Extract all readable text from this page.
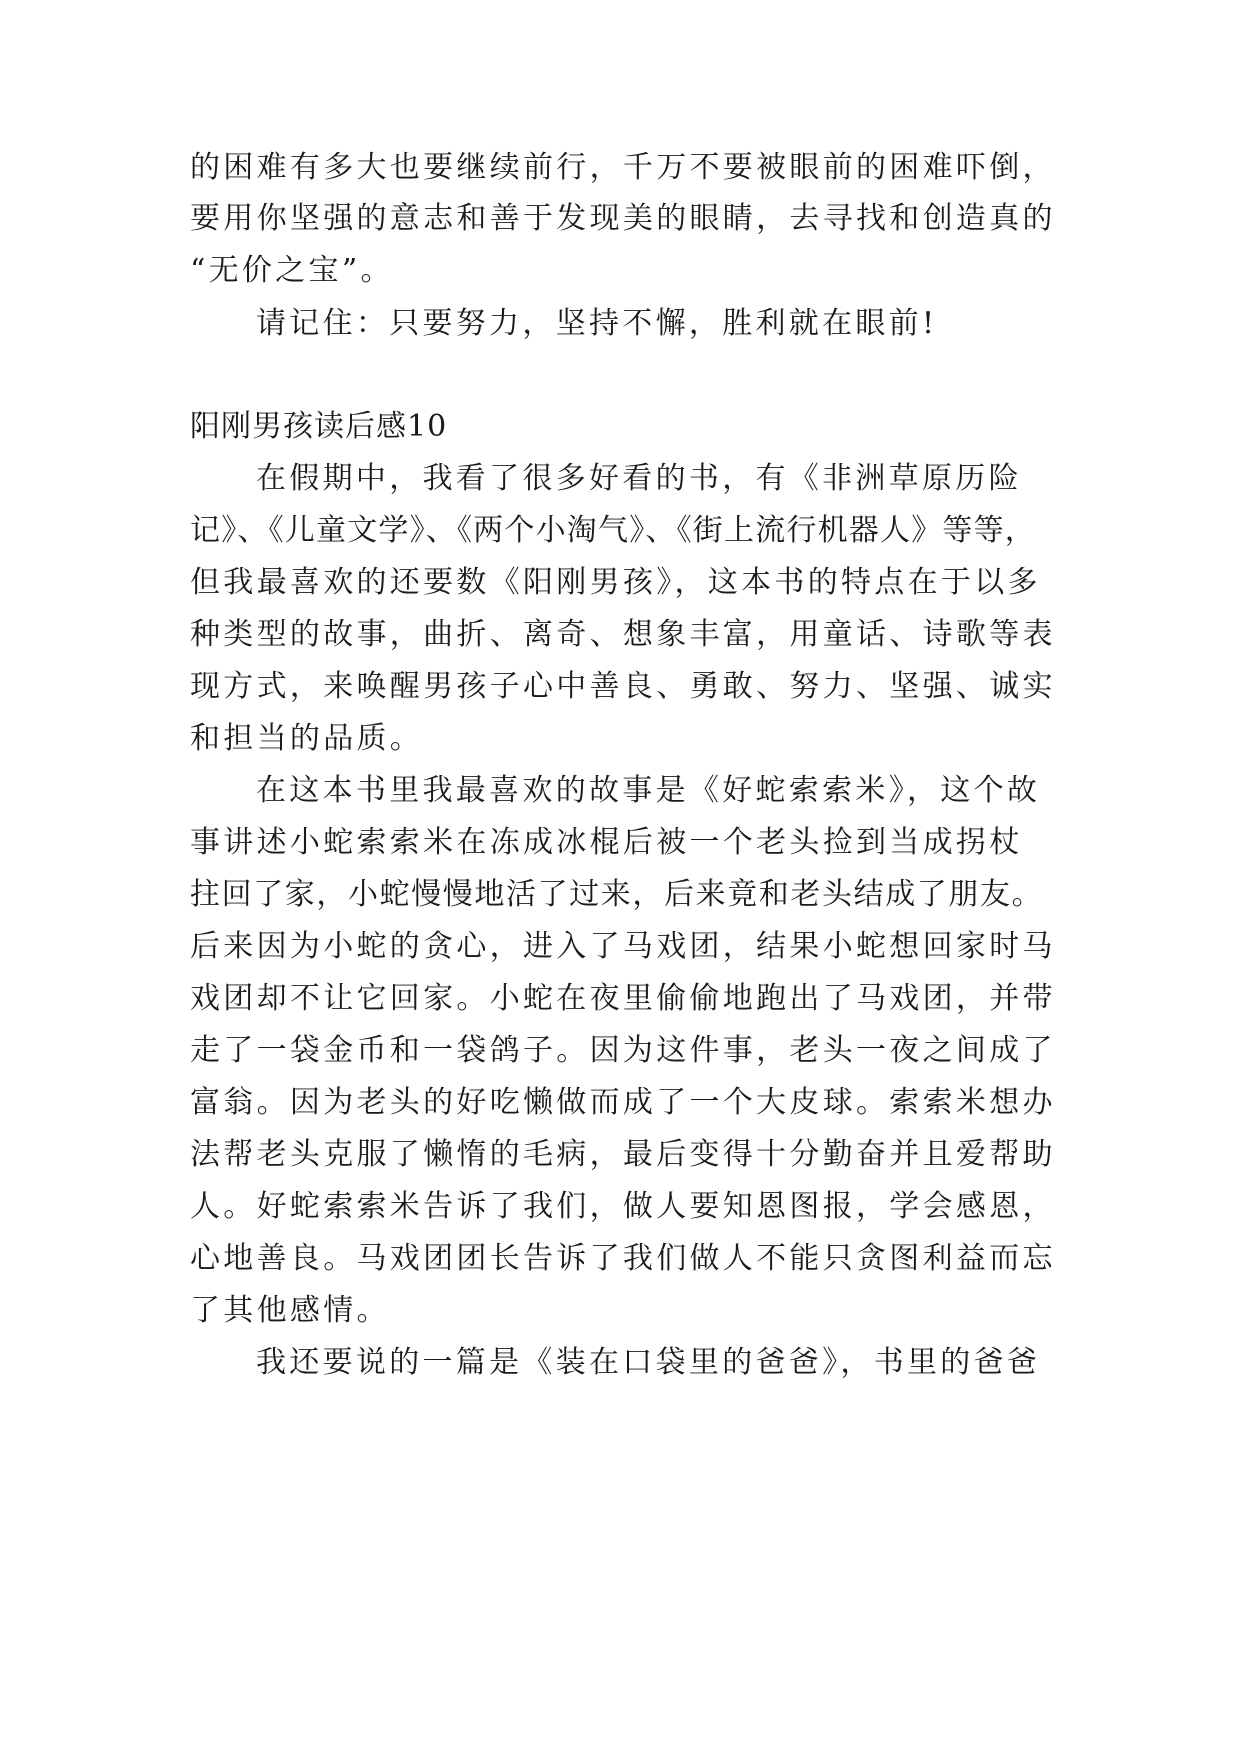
的困难有多大也要继续前行，千万不要被眼前的困难吓倒，
要用你坚强的意志和善于发现美的眼睛，去寻找和创造真的
“无价之宝”。
请记住：只要努力，坚持不懈，胜利就在眼前!
阳刚男孩读后感10
在假期中，我看了很多好看的书，有《非洲草原历险
记》、《儿童文学》、《两个小淘气》、《街上流行机器人》等等，
但我最喜欢的还要数《阳刚男孩》，这本书的特点在于以多
种类型的故事，曲折、离奇、想象丰富，用童话、诗歌等表
现方式，来唤醒男孩子心中善良、勇敢、努力、坚强、诚实
和担当的品质。
在这本书里我最喜欢的故事是《好蛇索索米》，这个故
事讲述小蛇索索米在冻成冰棍后被一个老头捡到当成拐杖
拄回了家，小蛇慢慢地活了过来，后来竟和老头结成了朋友。
后来因为小蛇的贪心，进入了马戏团，结果小蛇想回家时马
戏团却不让它回家。小蛇在夜里偷偷地跑出了马戏团，并带
走了一袋金币和一袋鸽子。因为这件事，老头一夜之间成了
富翁。因为老头的好吃懒做而成了一个大皮球。索索米想办
法帮老头克服了懒惰的毛病，最后变得十分勤奋并且爱帮助
人。好蛇索索米告诉了我们，做人要知恩图报，学会感恩，
心地善良。马戏团团长告诉了我们做人不能只贪图利益而忘
了其他感情。
我还要说的一篇是《装在口袋里的爸爸》，书里的爸爸
